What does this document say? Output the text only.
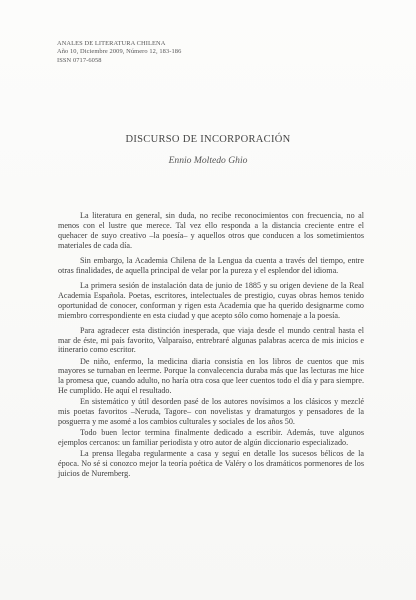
ANALES DE LITERATURA CHILENA
Año 10, Diciembre 2009, Número 12, 183-186
ISSN 0717-6058
DISCURSO DE INCORPORACIÓN
Ennio Moltedo Ghio

La literatura en general, sin duda, no recibe reconocimientos con frecuencia, no al menos con el lustre que merece. Tal vez ello responda a la distancia creciente entre el quehacer de suyo creativo –la poesía– y aquellos otros que conducen a los sometimientos materiales de cada día.

Sin embargo, la Academia Chilena de la Lengua da cuenta a través del tiempo, entre otras finalidades, de aquella principal de velar por la pureza y el esplendor del idioma.

La primera sesión de instalación data de junio de 1885 y su origen deviene de la Real Academia Española. Poetas, escritores, intelectuales de prestigio, cuyas obras hemos tenido oportunidad de conocer, conforman y rigen esta Academia que ha querido designarme como miembro correspondiente en esta ciudad y que acepto sólo como homenaje a la poesía.

Para agradecer esta distinción inesperada, que viaja desde el mundo central hasta el mar de éste, mi país favorito, Valparaíso, entrebraré algunas palabras acerca de mis inicios e itinerario como escritor.

De niño, enfermo, la medicina diaria consistía en los libros de cuentos que mis mayores se turnaban en leerme. Porque la convalecencia duraba más que las lecturas me hice la promesa que, cuando adulto, no haría otra cosa que leer cuentos todo el día y para siempre. He cumplido. He aquí el resultado.

En sistemático y útil desorden pasé de los autores novísimos a los clásicos y mezclé mis poetas favoritos –Neruda, Tagore– con novelistas y dramaturgos y pensadores de la posguerra y me asomé a los cambios culturales y sociales de los años 50.

Todo buen lector termina finalmente dedicado a escribir. Además, tuve algunos ejemplos cercanos: un familiar periodista y otro autor de algún diccionario especializado.

La prensa llegaba regularmente a casa y seguí en detalle los sucesos bélicos de la época. No sé si conozco mejor la teoría poética de Valéry o los dramáticos pormenores de los juicios de Nuremberg.
